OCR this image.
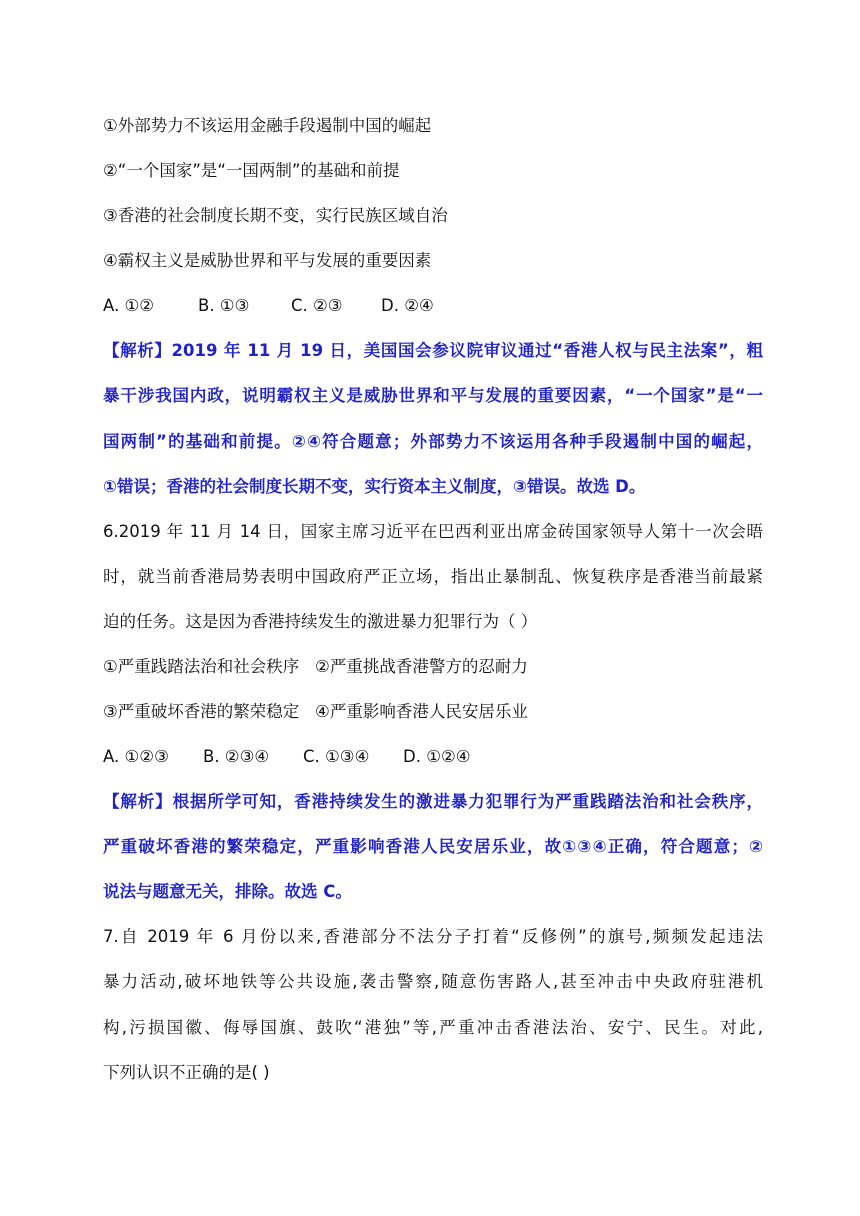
①外部势力不该运用金融手段遏制中国的崛起
②“一个国家”是“一国两制”的基础和前提
③香港的社会制度长期不变，实行民族区域自治
④霸权主义是威胁世界和平与发展的重要因素
A. ①②	B. ①③	C. ②③ D. ②④
【解析】2019 年 11 月 19 日，美国国会参议院审议通过“香港人权与民主法案”，粗
暴干涉我国内政，说明霸权主义是威胁世界和平与发展的重要因素，“一个国家”是“一
国两制”的基础和前提。②④符合题意；外部势力不该运用各种手段遏制中国的崛起，
①错误；香港的社会制度长期不变，实行资本主义制度，③错误。故选 D。
6.2019 年 11 月 14 日，国家主席习近平在巴西利亚出席金砖国家领导人第十一次会晤
时，就当前香港局势表明中国政府严正立场，指出止暴制乱、恢复秩序是香港当前最紧
迫的任务。这是因为香港持续发生的激进暴力犯罪行为（ ）
①严重践踏法治和社会秩序   ②严重挑战香港警方的忍耐力
③严重破坏香港的繁荣稳定   ④严重影响香港人民安居乐业
A. ①②③ B. ②③④ C. ①③④ D. ①②④
【解析】根据所学可知，香港持续发生的激进暴力犯罪行为严重践踏法治和社会秩序，
严重破坏香港的繁荣稳定，严重影响香港人民安居乐业，故①③④正确，符合题意；②
说法与题意无关，排除。故选 C。
7.自 2019 年 6 月份以来,香港部分不法分子打着“反修例”的旗号,频频发起违法
暴力活动,破坏地铁等公共设施,袭击警察,随意伤害路人,甚至冲击中央政府驻港机
构,污损国徽、侮辱国旗、鼓吹“港独”等,严重冲击香港法治、安宁、民生。对此,
下列认识不正确的是( )
